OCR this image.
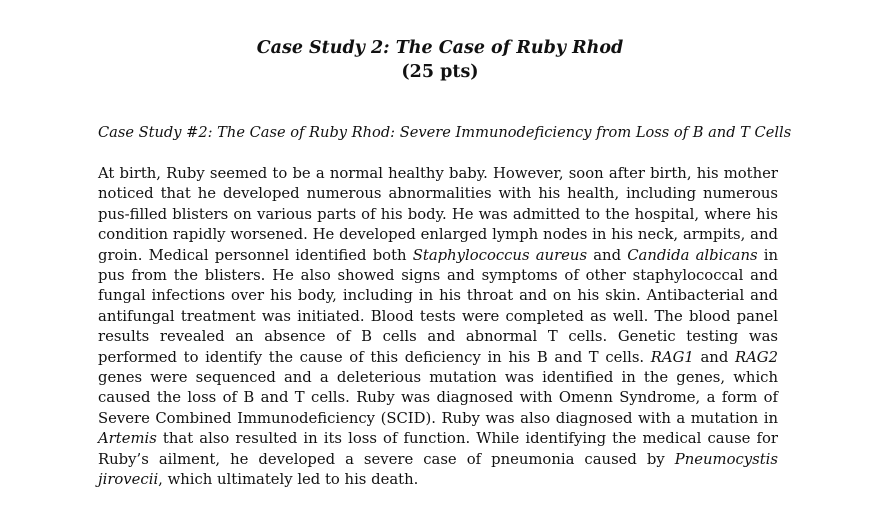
Case Study 2: The Case of Ruby Rhod
(25 pts)

Case Study #2: The Case of Ruby Rhod: Severe Immunodeficiency from Loss of B and T Cells

At birth, Ruby seemed to be a normal healthy baby. However, soon after birth, his mother noticed that he developed numerous abnormalities with his health, including numerous pus-filled blisters on various parts of his body. He was admitted to the hospital, where his condition rapidly worsened. He developed enlarged lymph nodes in his neck, armpits, and groin. Medical personnel identified both Staphylococcus aureus and Candida albicans in pus from the blisters. He also showed signs and symptoms of other staphylococcal and fungal infections over his body, including in his throat and on his skin. Antibacterial and antifungal treatment was initiated. Blood tests were completed as well. The blood panel results revealed an absence of B cells and abnormal T cells. Genetic testing was performed to identify the cause of this deficiency in his B and T cells. RAG1 and RAG2 genes were sequenced and a deleterious mutation was identified in the genes, which caused the loss of B and T cells. Ruby was diagnosed with Omenn Syndrome, a form of Severe Combined Immunodeficiency (SCID). Ruby was also diagnosed with a mutation in Artemis that also resulted in its loss of function. While identifying the medical cause for Ruby’s ailment, he developed a severe case of pneumonia caused by Pneumocystis jirovecii, which ultimately led to his death.
